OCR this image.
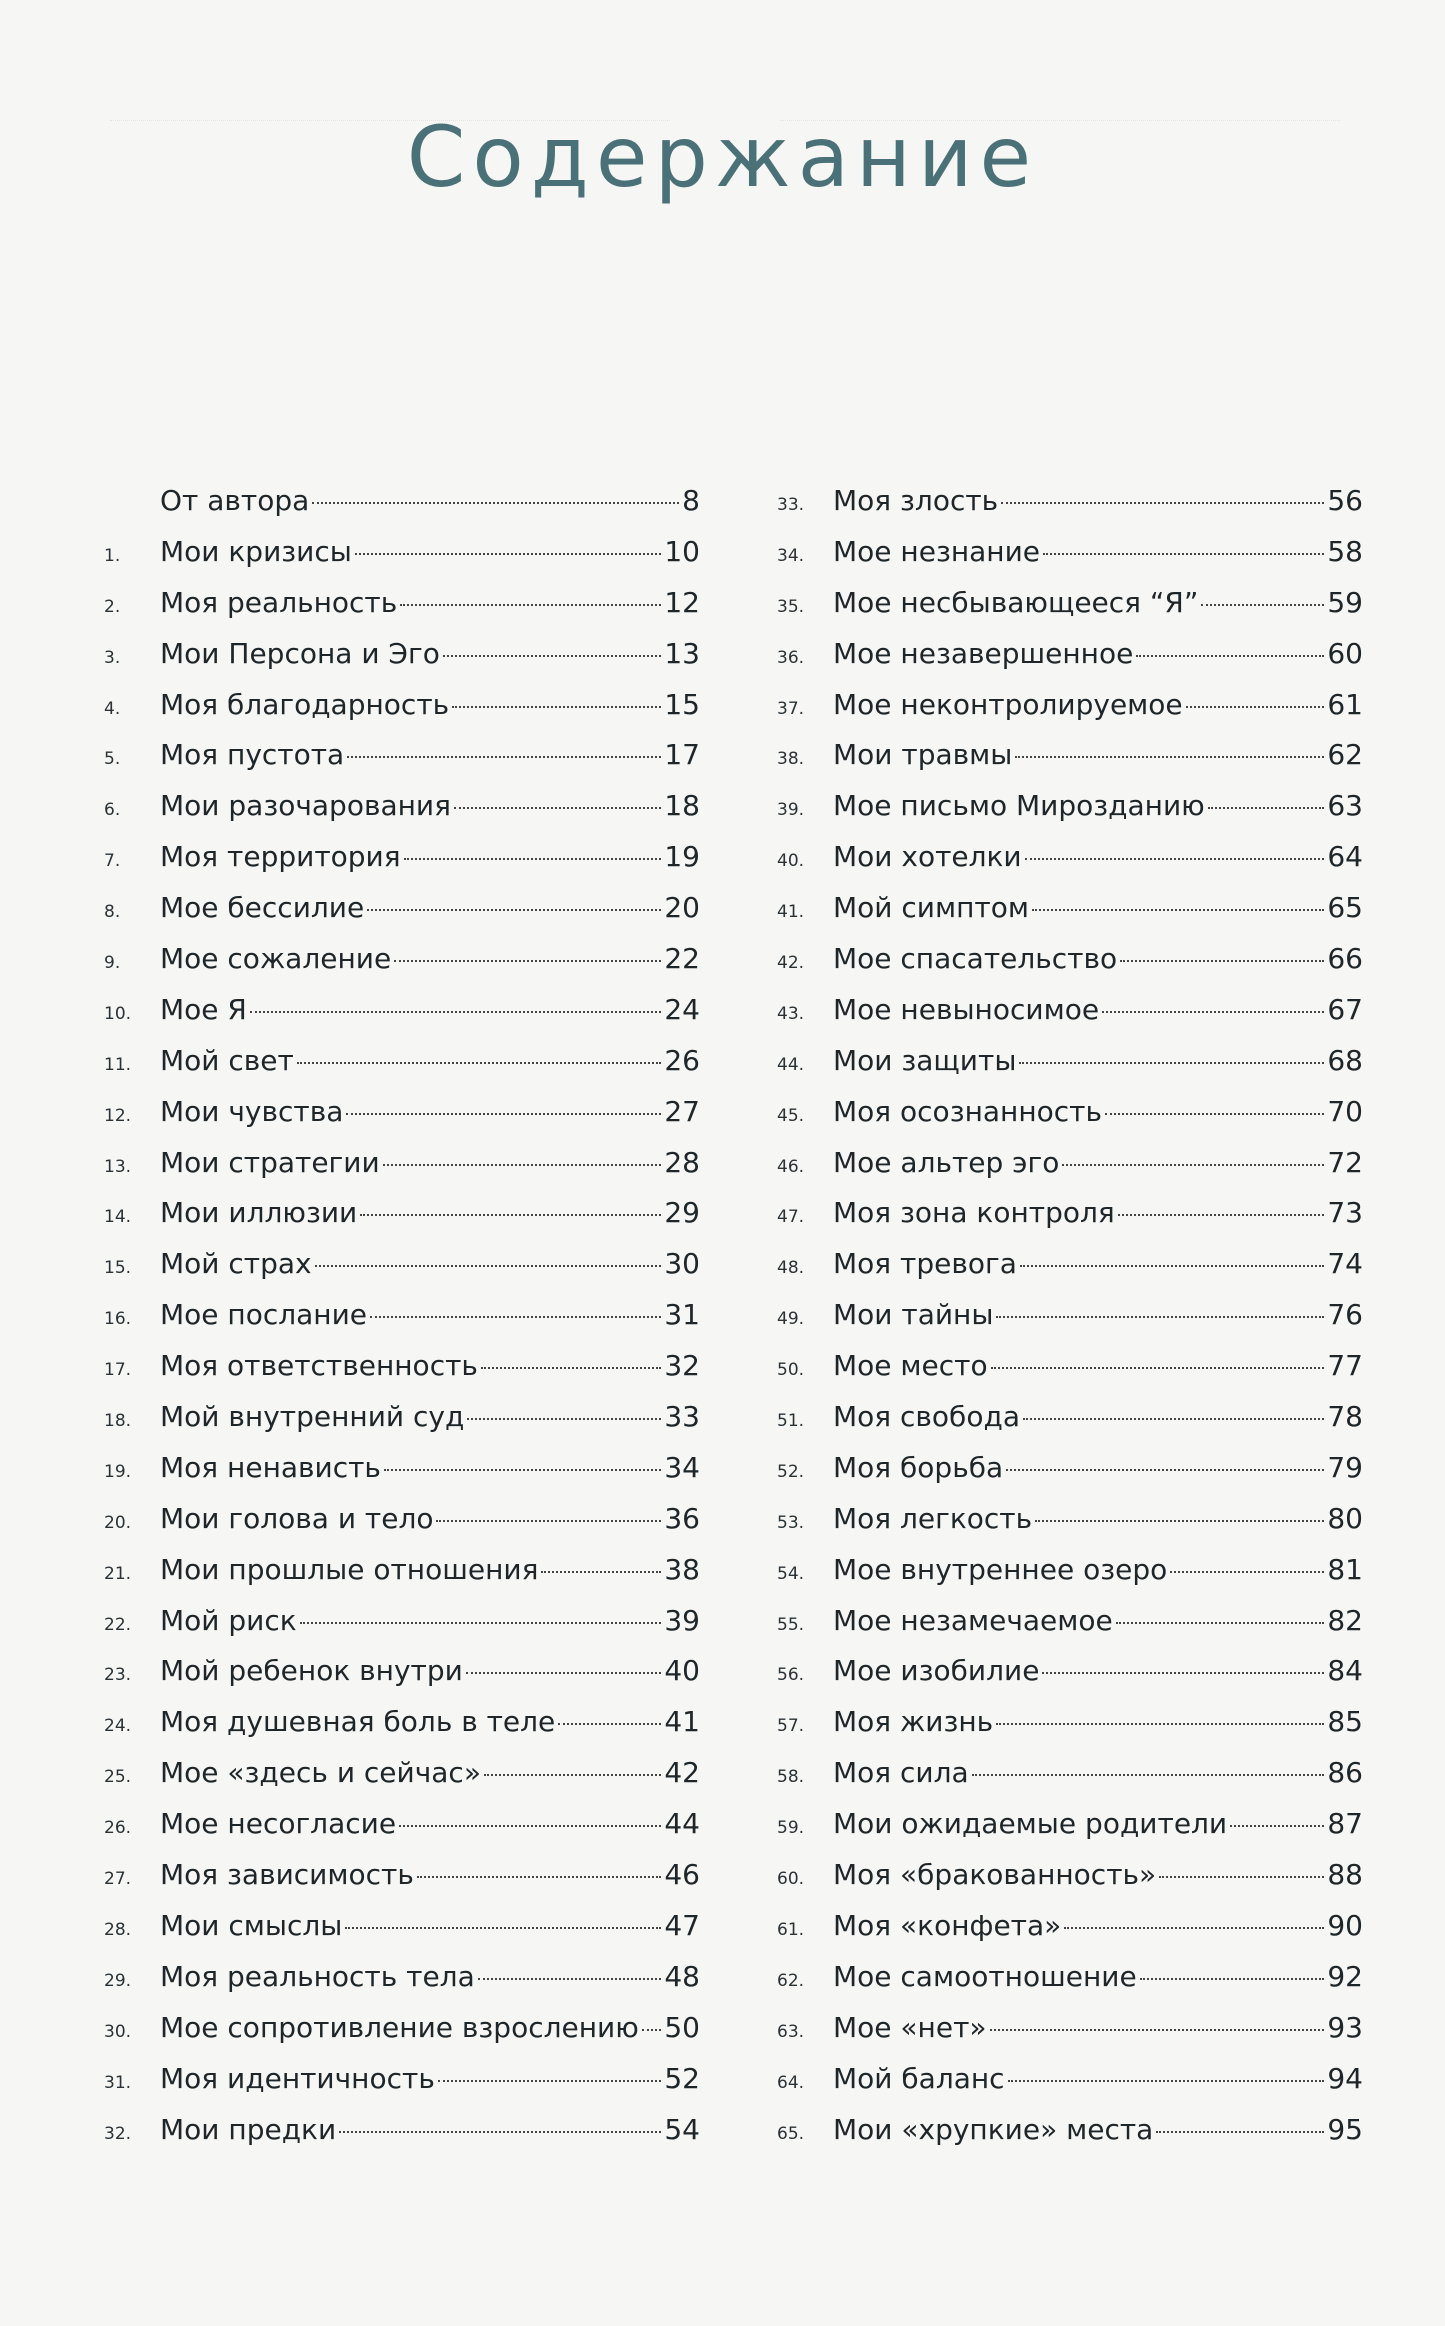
Содержание
От автора	8
1.	Мои кризисы	10
2.	Моя реальность	12
3.	Мои Персона и Эго	13
4.	Моя благодарность	15
5.	Моя пустота	17
6.	Мои разочарования	18
7.	Моя территория	19
8.	Мое бессилие	20
9.	Мое сожаление	22
10.	Мое Я	24
11.	Мой свет	26
12.	Мои чувства	27
13.	Мои стратегии	28
14.	Мои иллюзии	29
15.	Мой страх	30
16.	Мое послание	31
17.	Моя ответственность	32
18.	Мой внутренний суд	33
19.	Моя ненависть	34
20.	Мои голова и тело	36
21.	Мои прошлые отношения	38
22.	Мой риск	39
23.	Мой ребенок внутри	40
24.	Моя душевная боль в теле	41
25.	Мое «здесь и сейчас»	42
26.	Мое несогласие	44
27.	Моя зависимость	46
28.	Мои смыслы	47
29.	Моя реальность тела	48
30.	Мое сопротивление взрослению 50
31.	Моя идентичность	52
32.	Мои предки	54
33.	Моя злость	56
34.	Мое незнание	58
35.	Мое несбывающееся “Я”	59
36.	Мое незавершенное	60
37.	Мое неконтролируемое	61
38.	Мои травмы	62
39.	Мое письмо Мирозданию	63
40.	Мои хотелки	64
41.	Мой симптом	65
42.	Мое спасательство	66
43.	Мое невыносимое	67
44.	Мои защиты	68
45.	Моя осознанность	70
46.	Мое альтер эго	72
47.	Моя зона контроля	73
48.	Моя тревога	74
49.	Мои тайны	76
50.	Мое место	77
51.	Моя свобода	78
52.	Моя борьба	79
53.	Моя легкость	80
54.	Мое внутреннее озеро	81
55.	Мое незамечаемое	82
56.	Мое изобилие	84
57.	Моя жизнь	85
58.	Моя сила	86
59.	Мои ожидаемые родители	87
60.	Моя «бракованность»	88
61.	Моя «конфета»	90
62.	Мое самоотношение	92
63.	Мое «нет»	93
64.	Мой баланс	94
65.	Мои «хрупкие» места	95
